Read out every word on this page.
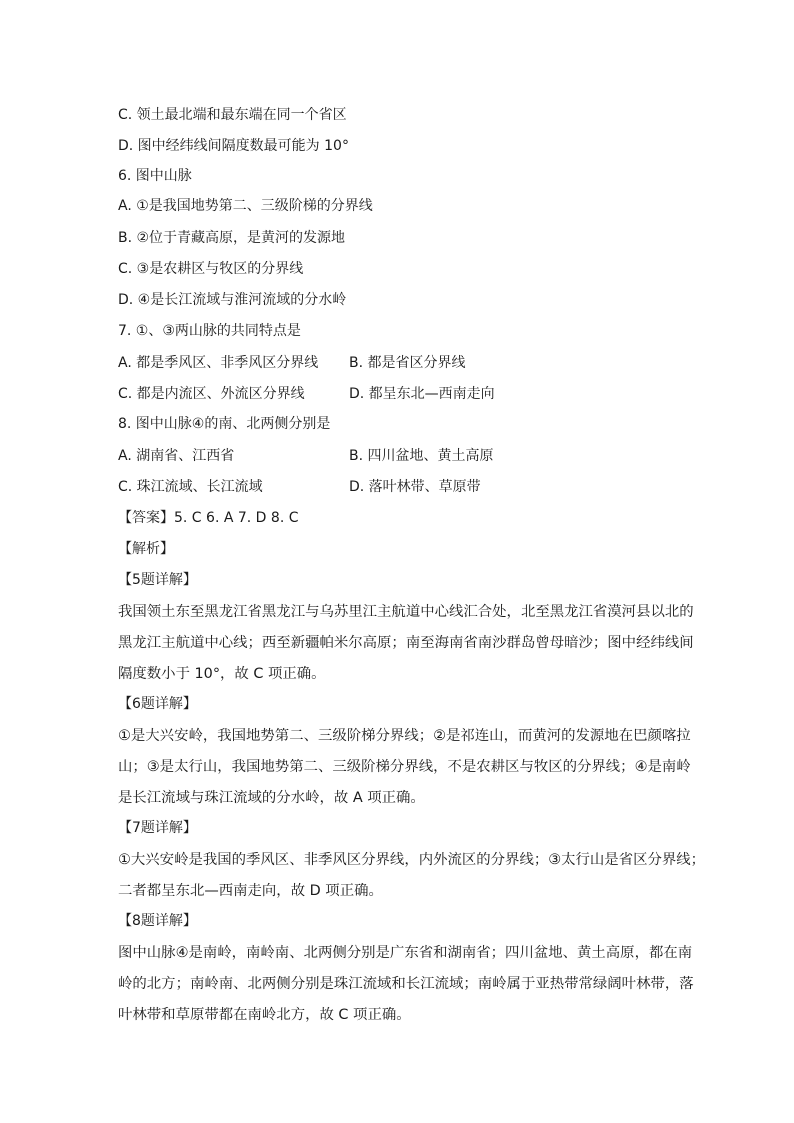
C. 领土最北端和最东端在同一个省区
D. 图中经纬线间隔度数最可能为 10°
6. 图中山脉
A. ①是我国地势第二、三级阶梯的分界线
B. ②位于青藏高原，是黄河的发源地
C. ③是农耕区与牧区的分界线
D. ④是长江流域与淮河流域的分水岭
7. ①、③两山脉的共同特点是
A. 都是季风区、非季风区分界线 B. 都是省区分界线
C. 都是内流区、外流区分界线	D. 都呈东北—西南走向
8. 图中山脉④的南、北两侧分别是
A. 湖南省、江西省	B. 四川盆地、黄土高原
C. 珠江流域、长江流域	D. 落叶林带、草原带
【答案】5. C 6. A 7. D 8. C
【解析】
【5题详解】
我国领土东至黑龙江省黑龙江与乌苏里江主航道中心线汇合处，北至黑龙江省漠河县以北的
黑龙江主航道中心线；西至新疆帕米尔高原；南至海南省南沙群岛曾母暗沙；图中经纬线间
隔度数小于 10°，故 C 项正确。
【6题详解】
①是大兴安岭，我国地势第二、三级阶梯分界线；②是祁连山，而黄河的发源地在巴颜喀拉
山；③是太行山，我国地势第二、三级阶梯分界线，不是农耕区与牧区的分界线；④是南岭
是长江流域与珠江流域的分水岭，故 A 项正确。
【7题详解】
①大兴安岭是我国的季风区、非季风区分界线，内外流区的分界线；③太行山是省区分界线；
二者都呈东北—西南走向，故 D 项正确。
【8题详解】
图中山脉④是南岭，南岭南、北两侧分别是广东省和湖南省；四川盆地、黄土高原，都在南
岭的北方；南岭南、北两侧分别是珠江流域和长江流域；南岭属于亚热带常绿阔叶林带，落
叶林带和草原带都在南岭北方，故 C 项正确。
